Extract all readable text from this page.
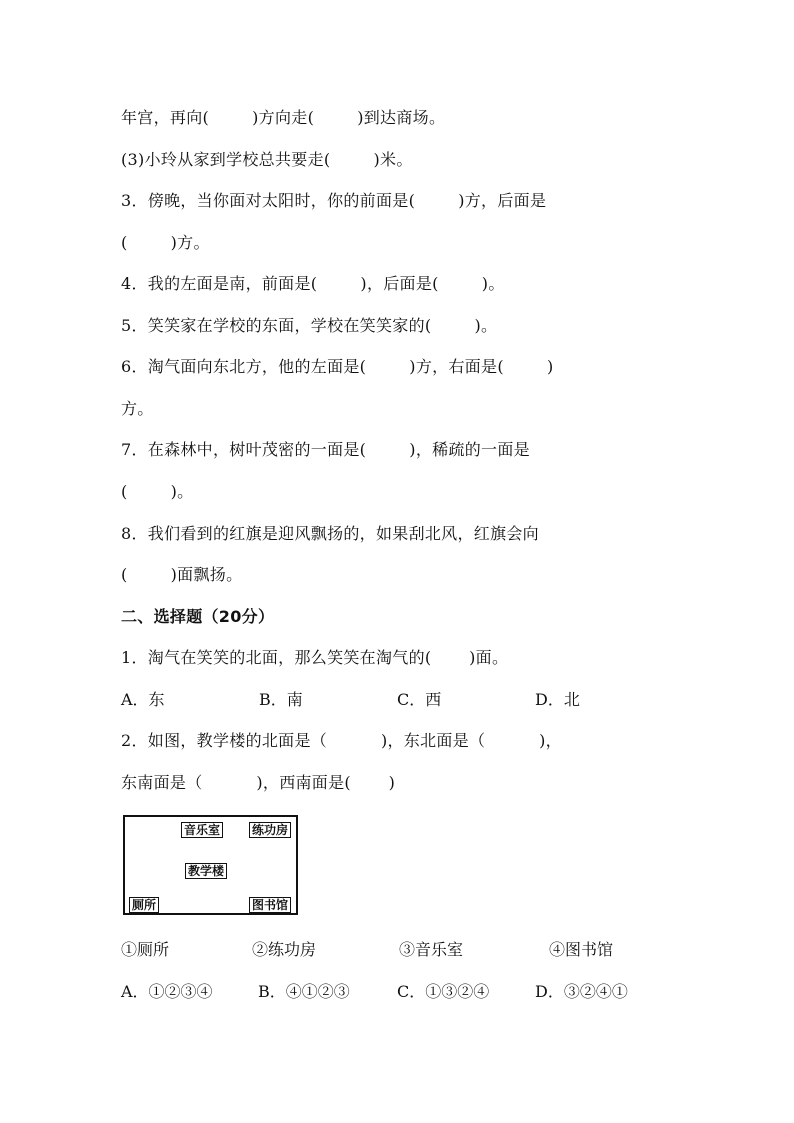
年宫，再向(        )方向走(        )到达商场。
(3)小玲从家到学校总共要走(        )米。
3．傍晚，当你面对太阳时，你的前面是(        )方，后面是
(        )方。
4．我的左面是南，前面是(        )，后面是(        )。
5．笑笑家在学校的东面，学校在笑笑家的(        )。
6．淘气面向东北方，他的左面是(        )方，右面是(        )
方。
7．在森林中，树叶茂密的一面是(        )，稀疏的一面是
(        )。
8．我们看到的红旗是迎风飘扬的，如果刮北风，红旗会向
(        )面飘扬。
二、选择题（20分）
1．淘气在笑笑的北面，那么笑笑在淘气的(       )面。
A．东	B．南	C．西	D．北
2．如图，教学楼的北面是（          )，东北面是（          )，
东南面是（          )，西南面是(       )
音乐室	练功房
教学楼
厕所	图书馆
①厕所	②练功房	③音乐室	④图书馆
A．①②③④	B．④①②③	C．①③②④	D．③②④①
